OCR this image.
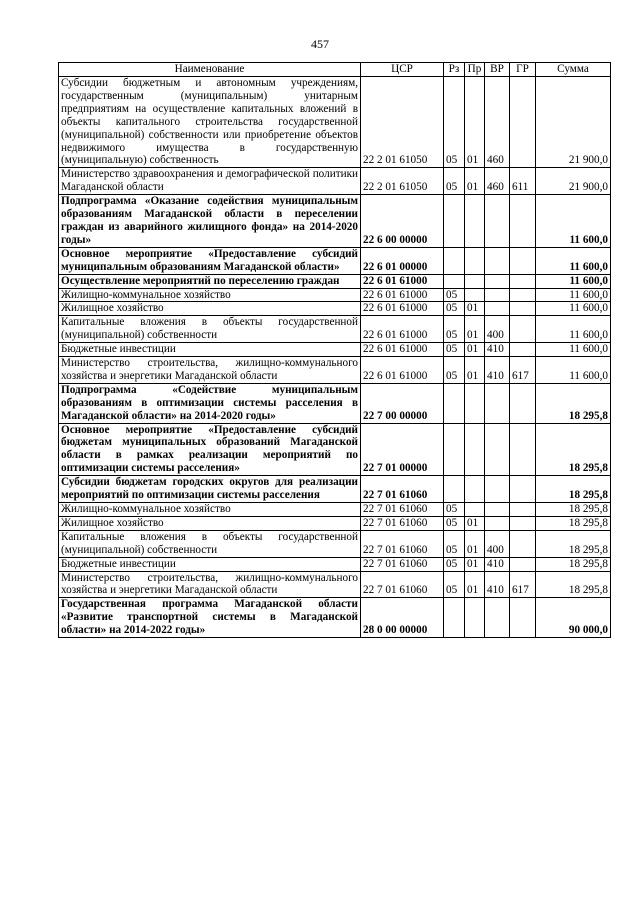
457
Наименование	ЦСР	Рз	Пр	ВР	ГР	Сумма
Субсидии бюджетным и автономным учреждениям, государственным (муниципальным) унитарным предприятиям на осуществление капитальных вложений в объекты капитального строительства государственной (муниципальной) собственности или приобретение объектов недвижимого имущества в государственную (муниципальную) собственность	22 2 01 61050	05	01	460		21 900,0
Министерство здравоохранения и демографической политики Магаданской области	22 2 01 61050	05	01	460	611	21 900,0
Подпрограмма «Оказание содействия муниципальным образованиям Магаданской области в переселении граждан из аварийного жилищного фонда» на 2014-2020 годы»	22 6 00 00000					11 600,0
Основное мероприятие «Предоставление субсидий муниципальным образованиям Магаданской области»	22 6 01 00000					11 600,0
Осуществление мероприятий по переселению граждан	22 6 01 61000					11 600,0
Жилищно-коммунальное хозяйство	22 6 01 61000	05				11 600,0
Жилищное хозяйство	22 6 01 61000	05	01			11 600,0
Капитальные вложения в объекты государственной (муниципальной) собственности	22 6 01 61000	05	01	400		11 600,0
Бюджетные инвестиции	22 6 01 61000	05	01	410		11 600,0
Министерство строительства, жилищно-коммунального хозяйства и энергетики Магаданской области	22 6 01 61000	05	01	410	617	11 600,0
Подпрограмма «Содействие муниципальным образованиям в оптимизации системы расселения в Магаданской области» на 2014-2020 годы»	22 7 00 00000					18 295,8
Основное мероприятие «Предоставление субсидий бюджетам муниципальных образований Магаданской области в рамках реализации мероприятий по оптимизации системы расселения»	22 7 01 00000					18 295,8
Субсидии бюджетам городских округов для реализации мероприятий по оптимизации системы расселения	22 7 01 61060					18 295,8
Жилищно-коммунальное хозяйство	22 7 01 61060	05				18 295,8
Жилищное хозяйство	22 7 01 61060	05	01			18 295,8
Капитальные вложения в объекты государственной (муниципальной) собственности	22 7 01 61060	05	01	400		18 295,8
Бюджетные инвестиции	22 7 01 61060	05	01	410		18 295,8
Министерство строительства, жилищно-коммунального хозяйства и энергетики Магаданской области	22 7 01 61060	05	01	410	617	18 295,8
Государственная программа Магаданской области «Развитие транспортной системы в Магаданской области» на 2014-2022 годы»	28 0 00 00000					90 000,0
